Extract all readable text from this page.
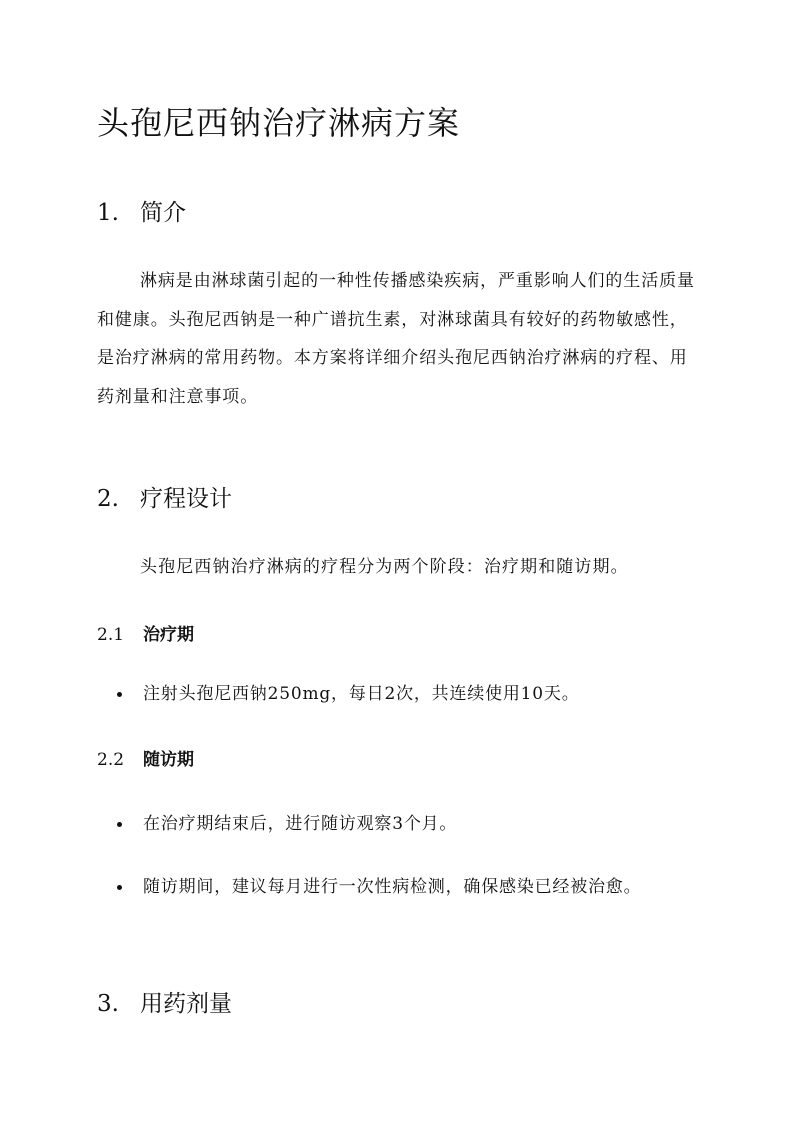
头孢尼西钠治疗淋病方案
1. 简介

淋病是由淋球菌引起的一种性传播感染疾病，严重影响人们的生活质量和健康。头孢尼西钠是一种广谱抗生素，对淋球菌具有较好的药物敏感性，是治疗淋病的常用药物。本方案将详细介绍头孢尼西钠治疗淋病的疗程、用药剂量和注意事项。

2. 疗程设计

头孢尼西钠治疗淋病的疗程分为两个阶段：治疗期和随访期。

2.1 治疗期
注射头孢尼西钠250mg，每日2次，共连续使用10天。
2.2 随访期
在治疗期结束后，进行随访观察3个月。
随访期间，建议每月进行一次性病检测，确保感染已经被治愈。
3. 用药剂量
